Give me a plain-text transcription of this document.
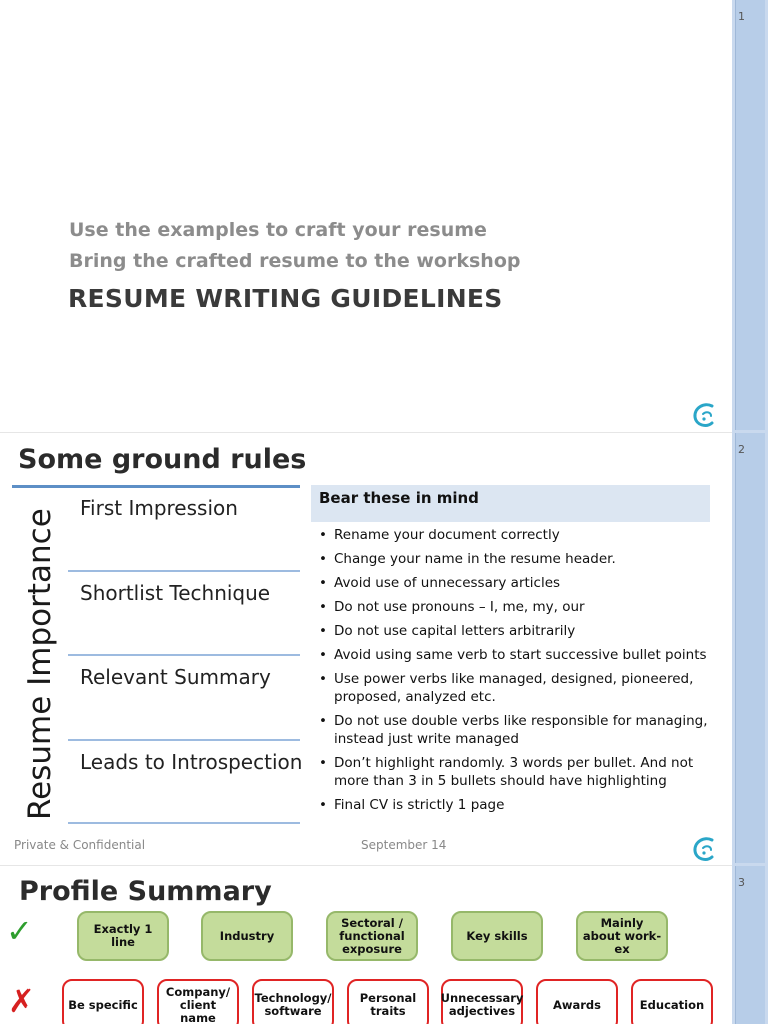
1
2
3
Use the examples to craft your resume
Bring the crafted resume to the workshop
RESUME WRITING GUIDELINES
Some ground rules
Resume Importance
First Impression
Shortlist Technique
Relevant Summary
Leads to Introspection
Bear these in mind
• Rename your document correctly
• Change your name in the resume header.
• Avoid use of unnecessary articles
• Do not use pronouns – I, me, my, our
• Do not use capital letters arbitrarily
• Avoid using same verb to start successive bullet points
• Use power verbs like managed, designed, pioneered, proposed, analyzed etc.
• Do not use double verbs like responsible for managing, instead just write managed
• Don’t highlight randomly. 3 words per bullet. And not more than 3 in 5 bullets should have highlighting
• Final CV is strictly 1 page
Private & Confidential	September 14
Profile Summary
✓	Exactly 1 line	Industry
Sectoral / functional exposure
Key skills
Mainly about work-ex
✗	Be specific
Company/ client name
Technology/ software
Personal traits
Unnecessary adjectives	Awards	Education
